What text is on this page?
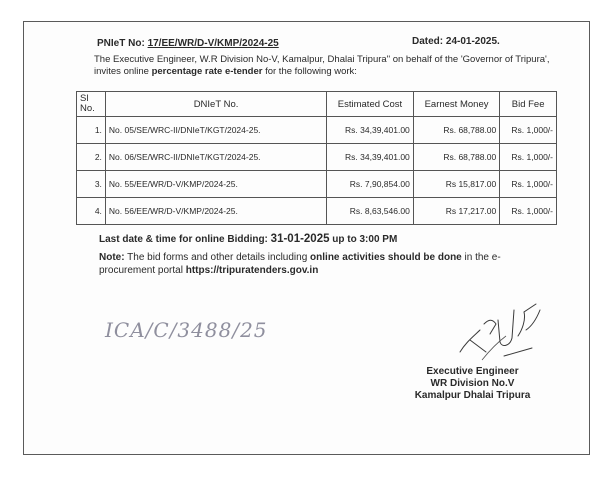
PNIeT No: 17/EE/WR/D-V/KMP/2024-25	Dated: 24-01-2025.
The Executive Engineer, W.R Division No-V, Kamalpur, Dhalai Tripura" on behalf of the 'Governor of Tripura', invites online percentage rate e-tender for the following work:
Sl No.	DNIeT No.	Estimated Cost	Earnest Money	Bid Fee
1.	No. 05/SE/WRC-II/DNIeT/KGT/2024-25.	Rs. 34,39,401.00	Rs. 68,788.00	Rs. 1,000/-
2.	No. 06/SE/WRC-II/DNIeT/KGT/2024-25.	Rs. 34,39,401.00	Rs. 68,788.00	Rs. 1,000/-
3.	No. 55/EE/WR/D-V/KMP/2024-25.	Rs. 7,90,854.00	Rs 15,817.00	Rs. 1,000/-
4.	No. 56/EE/WR/D-V/KMP/2024-25.	Rs. 8,63,546.00	Rs 17,217.00	Rs. 1,000/-
Last date & time for online Bidding: 31-01-2025 up to 3:00 PM
Note: The bid forms and other details including online activities should be done in the e-procurement portal https://tripuratenders.gov.in
ICA/C/3488/25
Executive Engineer
WR Division No.V
Kamalpur Dhalai Tripura
